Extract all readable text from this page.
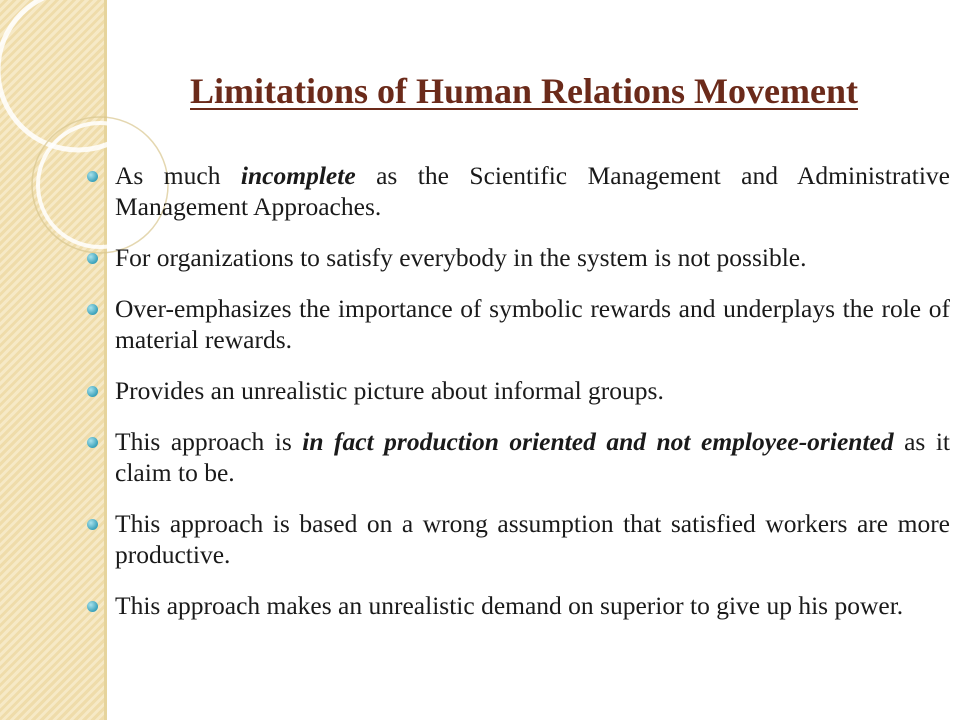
Limitations of Human Relations Movement
As much incomplete as the Scientific Management and Administrative Management Approaches.
For organizations to satisfy everybody in the system is not possible.
Over-emphasizes the importance of symbolic rewards and underplays the role of material rewards.
Provides an unrealistic picture about informal groups.
This approach is in fact production oriented and not employee-oriented as it claim to be.
This approach is based on a wrong assumption that satisfied workers are more productive.
This approach makes an unrealistic demand on superior to give up his power.
